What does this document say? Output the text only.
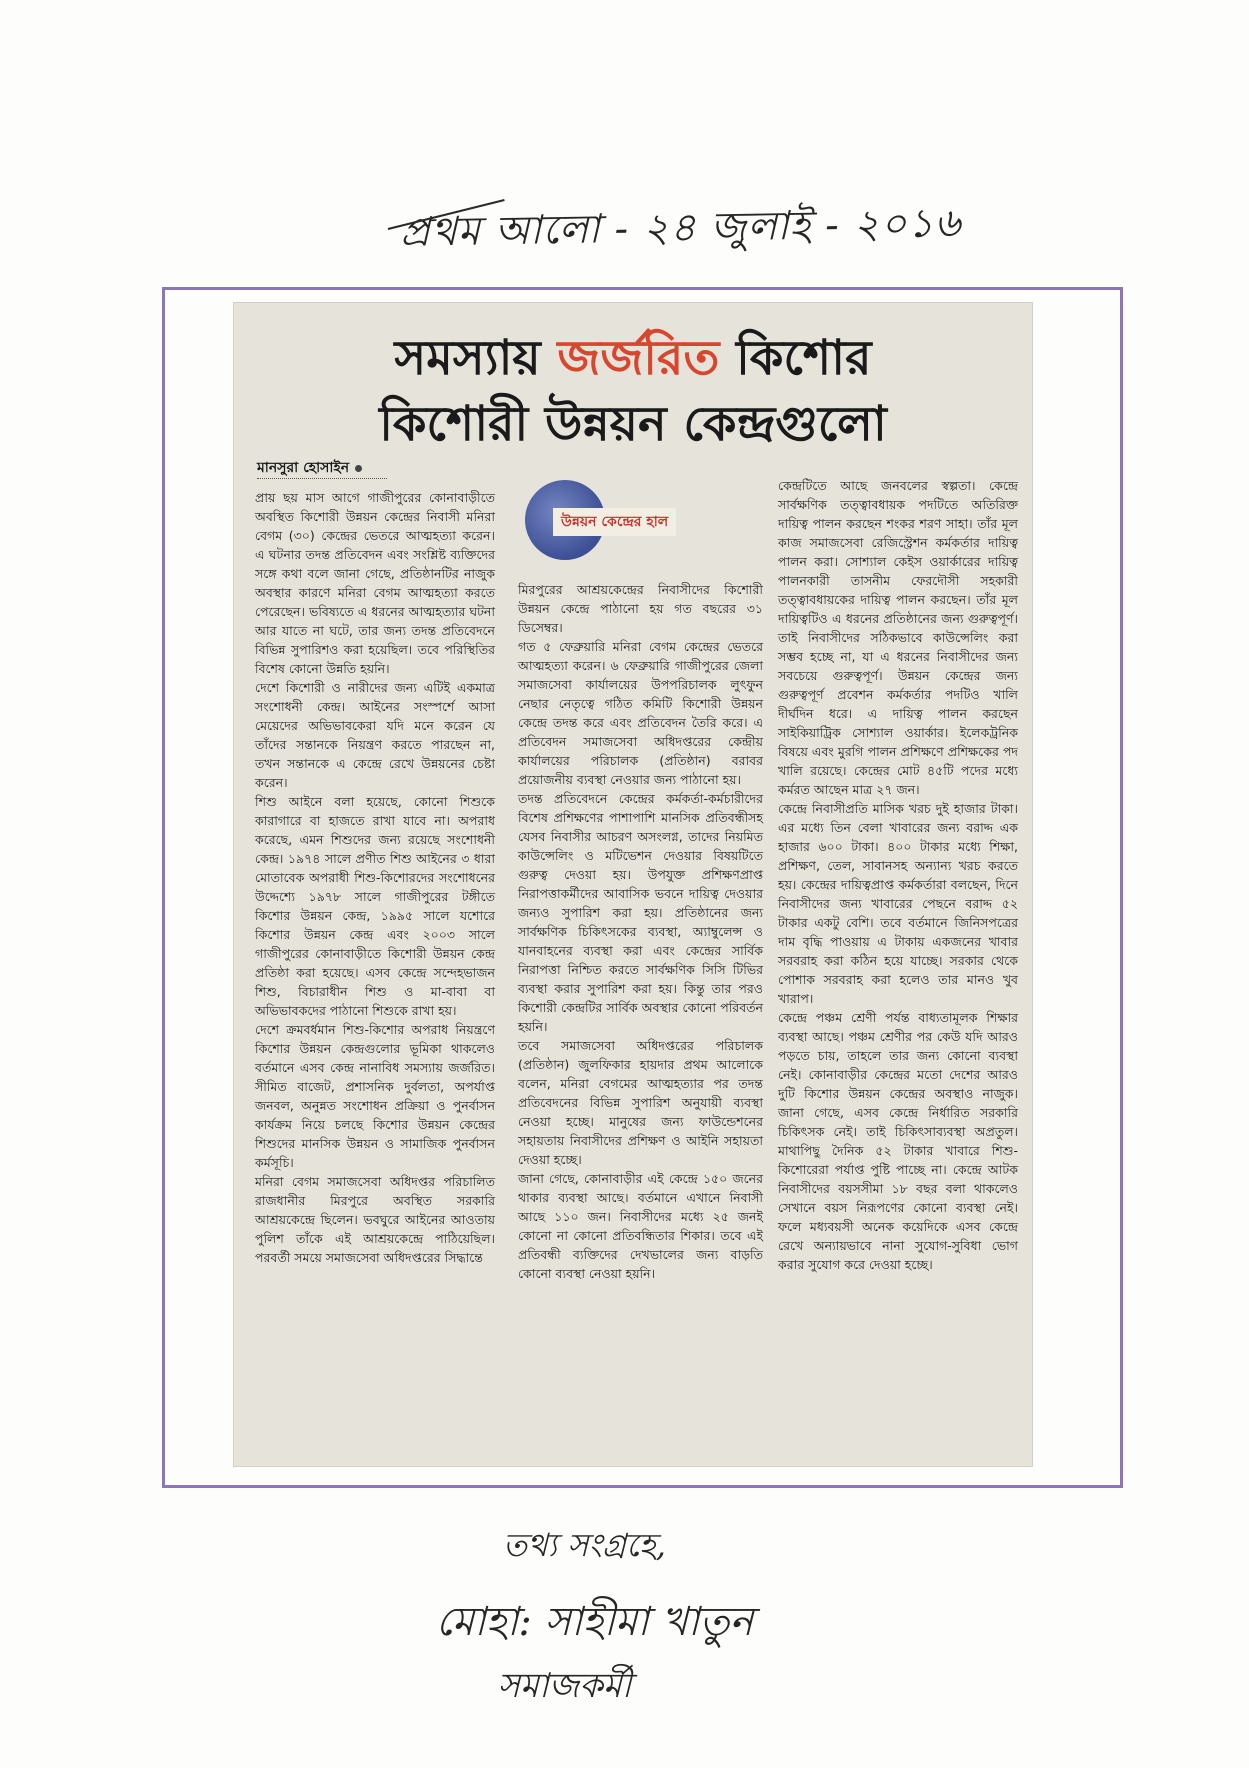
প্রথম আলো - ২৪ জুলাই - ২০১৬
সমস্যায় জর্জরিত কিশোর
কিশোরী উন্নয়ন কেন্দ্রগুলো
মানসুরা হোসাইন
উন্নয়ন কেন্দ্রের হাল

প্রায় ছয় মাস আগে গাজীপুরের কোনাবাড়ীতে অবস্থিত কিশোরী উন্নয়ন কেন্দ্রের নিবাসী মনিরা বেগম (৩০) কেন্দ্রের ভেতরে আত্মহত্যা করেন। এ ঘটনার তদন্ত প্রতিবেদন এবং সংশ্লিষ্ট ব্যক্তিদের সঙ্গে কথা বলে জানা গেছে, প্রতিষ্ঠানটির নাজুক অবস্থার কারণে মনিরা বেগম আত্মহত্যা করতে পেরেছেন। ভবিষ্যতে এ ধরনের আত্মহত্যার ঘটনা আর যাতে না ঘটে, তার জন্য তদন্ত প্রতিবেদনে বিভিন্ন সুপারিশও করা হয়েছিল। তবে পরিস্থিতির বিশেষ কোনো উন্নতি হয়নি।

দেশে কিশোরী ও নারীদের জন্য এটিই একমাত্র সংশোধনী কেন্দ্র। আইনের সংস্পর্শে আসা মেয়েদের অভিভাবকেরা যদি মনে করেন যে তাঁদের সন্তানকে নিয়ন্ত্রণ করতে পারছেন না, তখন সন্তানকে এ কেন্দ্রে রেখে উন্নয়নের চেষ্টা করেন।

শিশু আইনে বলা হয়েছে, কোনো শিশুকে কারাগারে বা হাজতে রাখা যাবে না। অপরাধ করেছে, এমন শিশুদের জন্য রয়েছে সংশোধনী কেন্দ্র। ১৯৭৪ সালে প্রণীত শিশু আইনের ৩ ধারা মোতাবেক অপরাধী শিশু-কিশোরদের সংশোধনের উদ্দেশ্যে ১৯৭৮ সালে গাজীপুরের টঙ্গীতে কিশোর উন্নয়ন কেন্দ্র, ১৯৯৫ সালে যশোরে কিশোর উন্নয়ন কেন্দ্র এবং ২০০৩ সালে গাজীপুরের কোনাবাড়ীতে কিশোরী উন্নয়ন কেন্দ্র প্রতিষ্ঠা করা হয়েছে। এসব কেন্দ্রে সন্দেহভাজন শিশু, বিচারাধীন শিশু ও মা-বাবা বা অভিভাবকদের পাঠানো শিশুকে রাখা হয়।

দেশে ক্রমবর্ধমান শিশু-কিশোর অপরাধ নিয়ন্ত্রণে কিশোর উন্নয়ন কেন্দ্রগুলোর ভূমিকা থাকলেও বর্তমানে এসব কেন্দ্র নানাবিধ সমস্যায় জর্জরিত। সীমিত বাজেট, প্রশাসনিক দুর্বলতা, অপর্যাপ্ত জনবল, অনুন্নত সংশোধন প্রক্রিয়া ও পুনর্বাসন কার্যক্রম নিয়ে চলছে কিশোর উন্নয়ন কেন্দ্রের শিশুদের মানসিক উন্নয়ন ও সামাজিক পুনর্বাসন কর্মসূচি।

মনিরা বেগম সমাজসেবা অধিদপ্তর পরিচালিত রাজধানীর মিরপুরে অবস্থিত সরকারি আশ্রয়কেন্দ্রে ছিলেন। ভবঘুরে আইনের আওতায় পুলিশ তাঁকে এই আশ্রয়কেন্দ্রে পাঠিয়েছিল। পরবর্তী সময়ে সমাজসেবা অধিদপ্তরের সিদ্ধান্তে

মিরপুরের আশ্রয়কেন্দ্রের নিবাসীদের কিশোরী উন্নয়ন কেন্দ্রে পাঠানো হয় গত বছরের ৩১ ডিসেম্বর।

গত ৫ ফেব্রুয়ারি মনিরা বেগম কেন্দ্রের ভেতরে আত্মহত্যা করেন। ৬ ফেব্রুয়ারি গাজীপুরের জেলা সমাজসেবা কার্যালয়ের উপপরিচালক লুৎফুন নেছার নেতৃত্বে গঠিত কমিটি কিশোরী উন্নয়ন কেন্দ্রে তদন্ত করে এবং প্রতিবেদন তৈরি করে। এ প্রতিবেদন সমাজসেবা অধিদপ্তরের কেন্দ্রীয় কার্যালয়ের পরিচালক (প্রতিষ্ঠান) বরাবর প্রয়োজনীয় ব্যবস্থা নেওয়ার জন্য পাঠানো হয়।

তদন্ত প্রতিবেদনে কেন্দ্রের কর্মকর্তা-কর্মচারীদের বিশেষ প্রশিক্ষণের পাশাপাশি মানসিক প্রতিবন্ধীসহ যেসব নিবাসীর আচরণ অসংলগ্ন, তাদের নিয়মিত কাউন্সেলিং ও মটিভেশন দেওয়ার বিষয়টিতে গুরুত্ব দেওয়া হয়। উপযুক্ত প্রশিক্ষণপ্রাপ্ত নিরাপত্তাকর্মীদের আবাসিক ভবনে দায়িত্ব দেওয়ার জন্যও সুপারিশ করা হয়। প্রতিষ্ঠানের জন্য সার্বক্ষণিক চিকিৎসকের ব্যবস্থা, অ্যাম্বুলেন্স ও যানবাহনের ব্যবস্থা করা এবং কেন্দ্রের সার্বিক নিরাপত্তা নিশ্চিত করতে সার্বক্ষণিক সিসি টিভির ব্যবস্থা করার সুপারিশ করা হয়। কিন্তু তার পরও কিশোরী কেন্দ্রটির সার্বিক অবস্থার কোনো পরিবর্তন হয়নি।

তবে সমাজসেবা অধিদপ্তরের পরিচালক (প্রতিষ্ঠান) জুলফিকার হায়দার প্রথম আলোকে বলেন, মনিরা বেগমের আত্মহত্যার পর তদন্ত প্রতিবেদনের বিভিন্ন সুপারিশ অনুযায়ী ব্যবস্থা নেওয়া হচ্ছে। মানুষের জন্য ফাউন্ডেশনের সহায়তায় নিবাসীদের প্রশিক্ষণ ও আইনি সহায়তা দেওয়া হচ্ছে।

জানা গেছে, কোনাবাড়ীর এই কেন্দ্রে ১৫০ জনের থাকার ব্যবস্থা আছে। বর্তমানে এখানে নিবাসী আছে ১১০ জন। নিবাসীদের মধ্যে ২৫ জনই কোনো না কোনো প্রতিবন্ধিতার শিকার। তবে এই প্রতিবন্ধী ব্যক্তিদের দেখভালের জন্য বাড়তি কোনো ব্যবস্থা নেওয়া হয়নি।

কেন্দ্রটিতে আছে জনবলের স্বল্পতা। কেন্দ্রে সার্বক্ষণিক তত্ত্বাবধায়ক পদটিতে অতিরিক্ত দায়িত্ব পালন করছেন শংকর শরণ সাহা। তাঁর মূল কাজ সমাজসেবা রেজিস্ট্রেশন কর্মকর্তার দায়িত্ব পালন করা। সোশ্যাল কেইস ওয়ার্কারের দায়িত্ব পালনকারী তাসনীম ফেরদৌসী সহকারী তত্ত্বাবধায়কের দায়িত্ব পালন করছেন। তাঁর মূল দায়িত্বটিও এ ধরনের প্রতিষ্ঠানের জন্য গুরুত্বপূর্ণ। তাই নিবাসীদের সঠিকভাবে কাউন্সেলিং করা সম্ভব হচ্ছে না, যা এ ধরনের নিবাসীদের জন্য সবচেয়ে গুরুত্বপূর্ণ। উন্নয়ন কেন্দ্রের জন্য গুরুত্বপূর্ণ প্রবেশন কর্মকর্তার পদটিও খালি দীর্ঘদিন ধরে। এ দায়িত্ব পালন করছেন সাইকিয়াট্রিক সোশ্যাল ওয়ার্কার। ইলেকট্রনিক বিষয়ে এবং মুরগি পালন প্রশিক্ষণে প্রশিক্ষকের পদ খালি রয়েছে। কেন্দ্রের মোট ৪৫টি পদের মধ্যে কর্মরত আছেন মাত্র ২৭ জন।

কেন্দ্রে নিবাসীপ্রতি মাসিক খরচ দুই হাজার টাকা। এর মধ্যে তিন বেলা খাবারের জন্য বরাদ্দ এক হাজার ৬০০ টাকা। ৪০০ টাকার মধ্যে শিক্ষা, প্রশিক্ষণ, তেল, সাবানসহ অন্যান্য খরচ করতে হয়। কেন্দ্রের দায়িত্বপ্রাপ্ত কর্মকর্তারা বলছেন, দিনে নিবাসীদের জন্য খাবারের পেছনে বরাদ্দ ৫২ টাকার একটু বেশি। তবে বর্তমানে জিনিসপত্রের দাম বৃদ্ধি পাওয়ায় এ টাকায় একজনের খাবার সরবরাহ করা কঠিন হয়ে যাচ্ছে। সরকার থেকে পোশাক সরবরাহ করা হলেও তার মানও খুব খারাপ।

কেন্দ্রে পঞ্চম শ্রেণী পর্যন্ত বাধ্যতামূলক শিক্ষার ব্যবস্থা আছে। পঞ্চম শ্রেণীর পর কেউ যদি আরও পড়তে চায়, তাহলে তার জন্য কোনো ব্যবস্থা নেই। কোনাবাড়ীর কেন্দ্রের মতো দেশের আরও দুটি কিশোর উন্নয়ন কেন্দ্রের অবস্থাও নাজুক। জানা গেছে, এসব কেন্দ্রে নির্ধারিত সরকারি চিকিৎসক নেই। তাই চিকিৎসাব্যবস্থা অপ্রতুল। মাথাপিছু দৈনিক ৫২ টাকার খাবারে শিশু-কিশোরেরা পর্যাপ্ত পুষ্টি পাচ্ছে না। কেন্দ্রে আটক নিবাসীদের বয়সসীমা ১৮ বছর বলা থাকলেও সেখানে বয়স নিরূপণের কোনো ব্যবস্থা নেই। ফলে মধ্যবয়সী অনেক কয়েদিকে এসব কেন্দ্রে রেখে অন্যায়ভাবে নানা সুযোগ-সুবিধা ভোগ করার সুযোগ করে দেওয়া হচ্ছে।

তথ্য সংগ্রহে,
মোহা: সাহীমা খাতুন
সমাজকর্মী
